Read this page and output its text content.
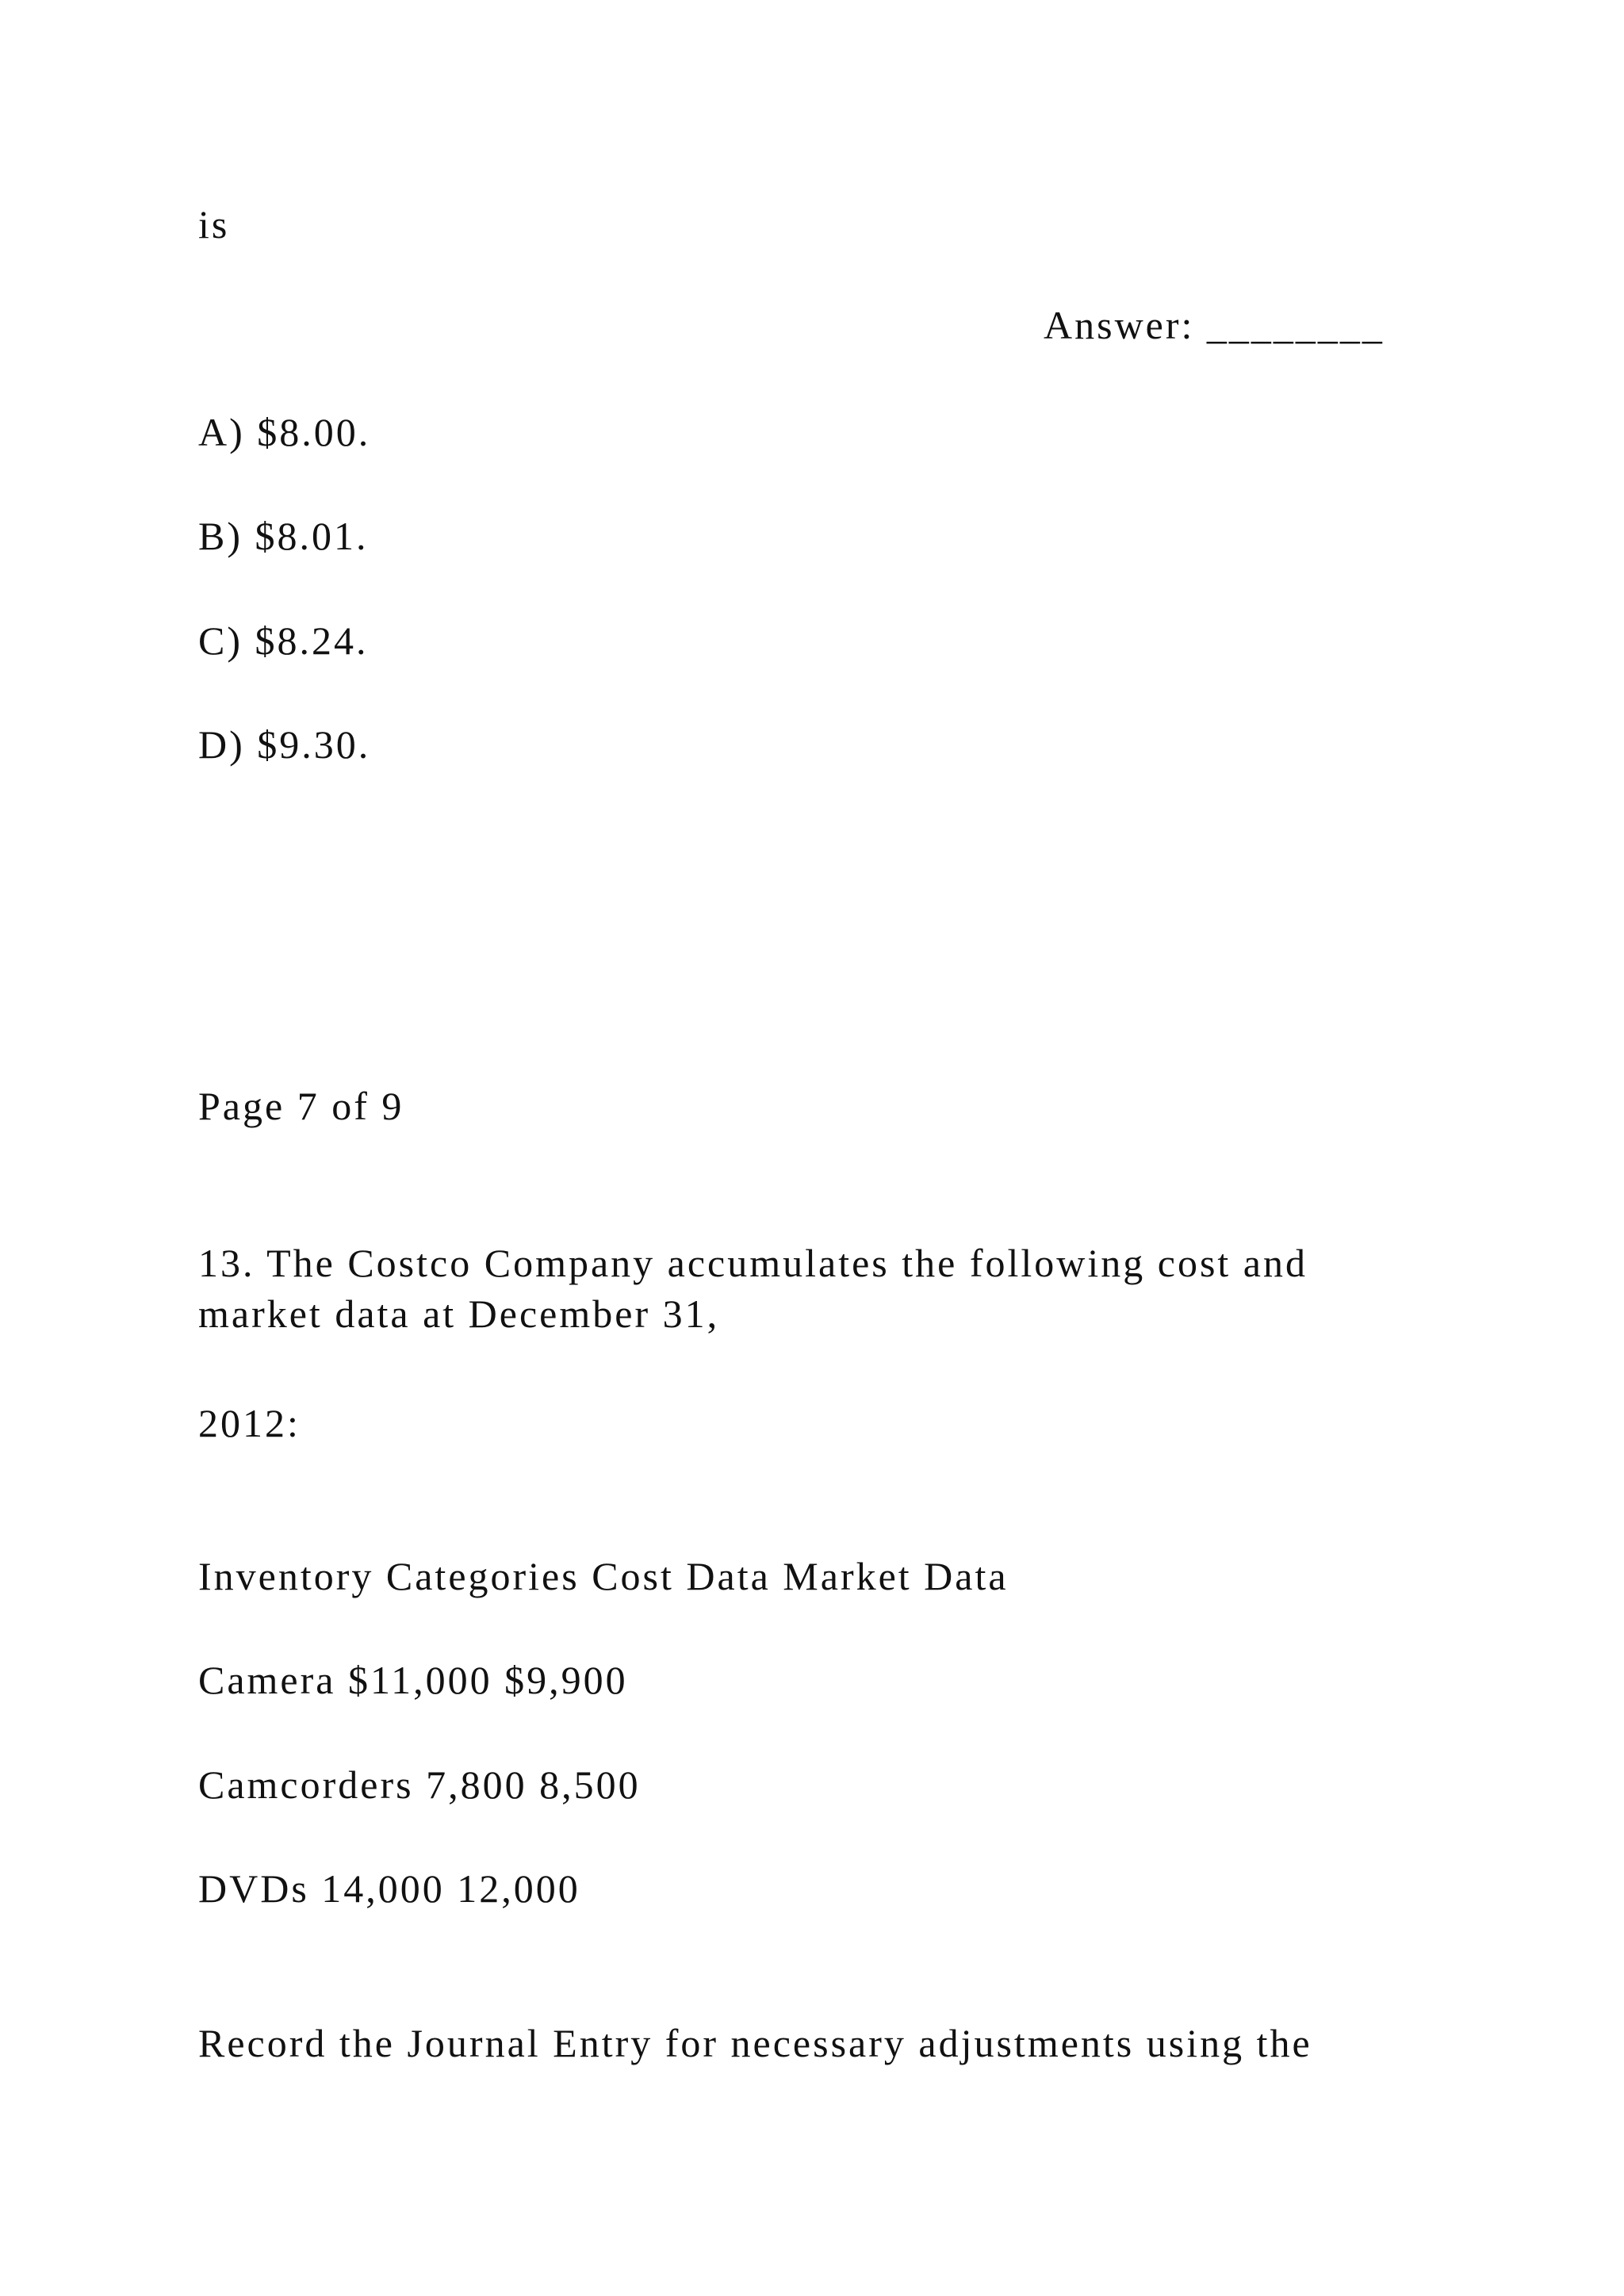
is
Answer: ________
A) $8.00.
B) $8.01.
C) $8.24.
D) $9.30.
Page 7 of 9
13. The Costco Company accumulates the following cost and
market data at December 31,
2012:
Inventory Categories Cost Data Market Data
Camera $11,000 $9,900
Camcorders 7,800 8,500
DVDs 14,000 12,000
Record the Journal Entry for necessary adjustments using the
